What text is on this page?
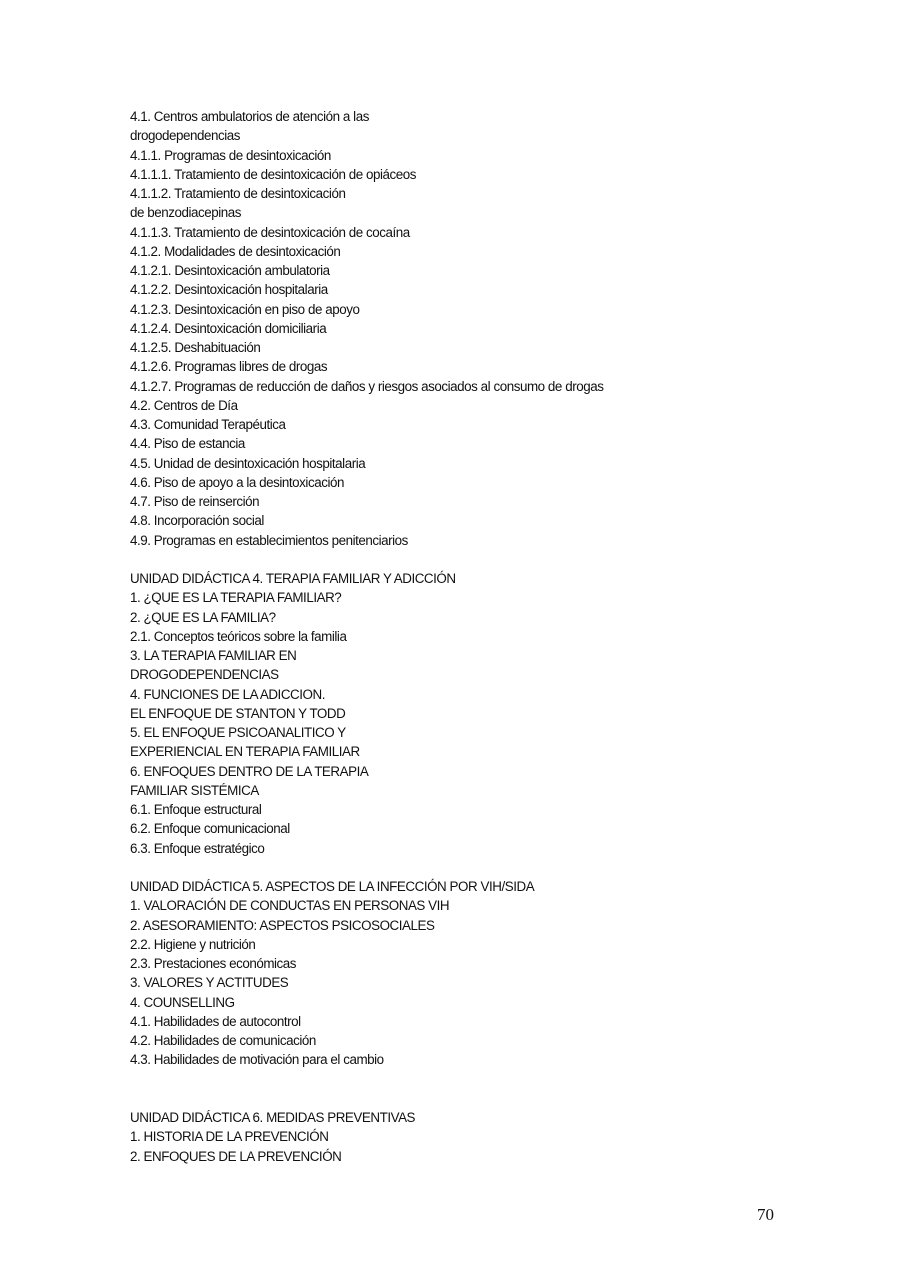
4.1. Centros ambulatorios de atención a las
drogodependencias
4.1.1. Programas de desintoxicación
4.1.1.1. Tratamiento de desintoxicación de opiáceos
4.1.1.2. Tratamiento de desintoxicación
de benzodiacepinas
4.1.1.3. Tratamiento de desintoxicación de cocaína
4.1.2. Modalidades de desintoxicación
4.1.2.1. Desintoxicación ambulatoria
4.1.2.2. Desintoxicación hospitalaria
4.1.2.3. Desintoxicación en piso de apoyo
4.1.2.4. Desintoxicación domiciliaria
4.1.2.5. Deshabituación
4.1.2.6. Programas libres de drogas
4.1.2.7. Programas de reducción de daños y riesgos asociados al consumo de drogas
4.2. Centros de Día
4.3. Comunidad Terapéutica
4.4. Piso de estancia
4.5. Unidad de desintoxicación hospitalaria
4.6. Piso de apoyo a la desintoxicación
4.7. Piso de reinserción
4.8. Incorporación social
4.9. Programas en establecimientos penitenciarios
UNIDAD DIDÁCTICA 4. TERAPIA FAMILIAR Y ADICCIÓN
1. ¿QUE ES LA TERAPIA FAMILIAR?
2. ¿QUE ES LA FAMILIA?
2.1. Conceptos teóricos sobre la familia
3. LA TERAPIA FAMILIAR EN
DROGODEPENDENCIAS
4. FUNCIONES DE LA ADICCION.
EL ENFOQUE DE STANTON Y TODD
5. EL ENFOQUE PSICOANALITICO Y
EXPERIENCIAL EN TERAPIA FAMILIAR
6. ENFOQUES DENTRO DE LA TERAPIA
FAMILIAR SISTÉMICA
6.1. Enfoque estructural
6.2. Enfoque comunicacional
6.3. Enfoque estratégico
UNIDAD DIDÁCTICA 5. ASPECTOS DE LA INFECCIÓN POR VIH/SIDA
1. VALORACIÓN DE CONDUCTAS EN PERSONAS VIH
2. ASESORAMIENTO: ASPECTOS PSICOSOCIALES
2.2. Higiene y nutrición
2.3. Prestaciones económicas
3. VALORES Y ACTITUDES
4. COUNSELLING
4.1. Habilidades de autocontrol
4.2. Habilidades de comunicación
4.3. Habilidades de motivación para el cambio
UNIDAD DIDÁCTICA 6. MEDIDAS PREVENTIVAS
1. HISTORIA DE LA PREVENCIÓN
2. ENFOQUES DE LA PREVENCIÓN
70
